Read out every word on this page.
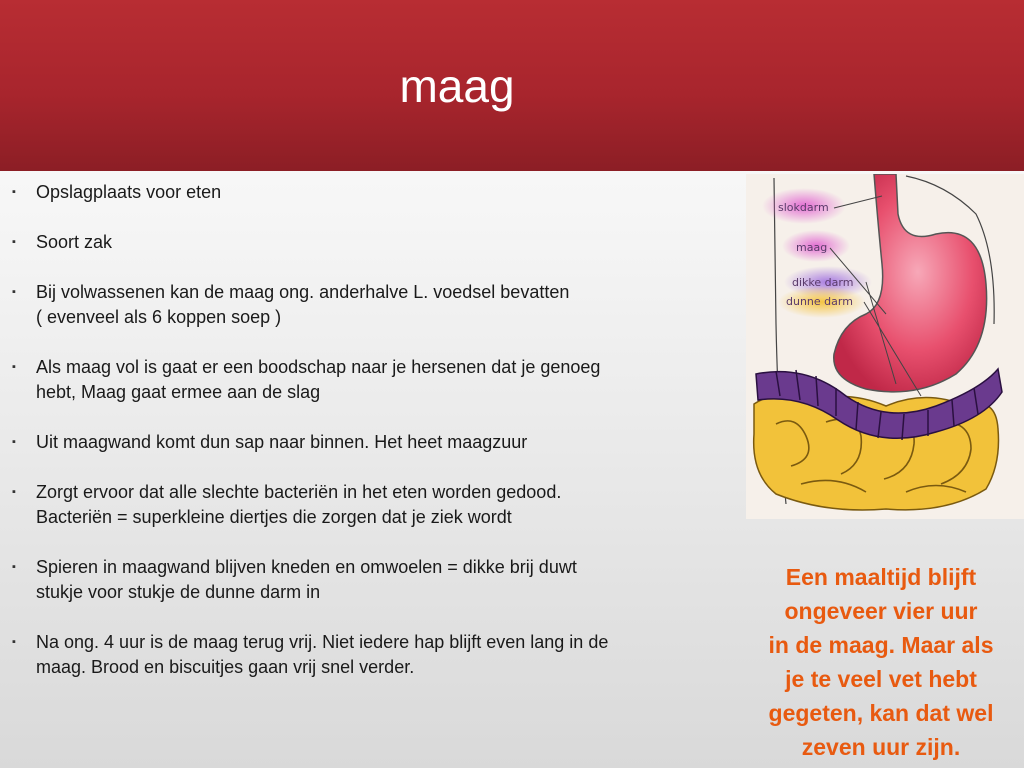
maag
▪ Opslagplaats voor eten
▪ Soort zak
▪ Bij volwassenen kan de maag ong. anderhalve L. voedsel bevatten
( evenveel als 6 koppen soep )
▪ Als maag vol is gaat er een boodschap naar je hersenen dat je genoeg
hebt, Maag gaat ermee aan de slag
▪ Uit maagwand komt dun sap naar binnen. Het heet maagzuur
▪ Zorgt ervoor dat alle slechte bacteriën in het eten worden gedood.
Bacteriën = superkleine diertjes die zorgen dat je ziek wordt
▪ Spieren in maagwand blijven kneden en omwoelen = dikke brij duwt
stukje voor stukje de dunne darm in
▪ Na ong. 4 uur is de maag terug vrij. Niet iedere hap blijft even lang in de
maag. Brood en biscuitjes gaan vrij snel verder.
slokdarm
maag
dikke darm
dunne darm
Een maaltijd blijft
ongeveer vier uur
in de maag. Maar als
je te veel vet hebt
gegeten, kan dat wel
zeven uur zijn.
